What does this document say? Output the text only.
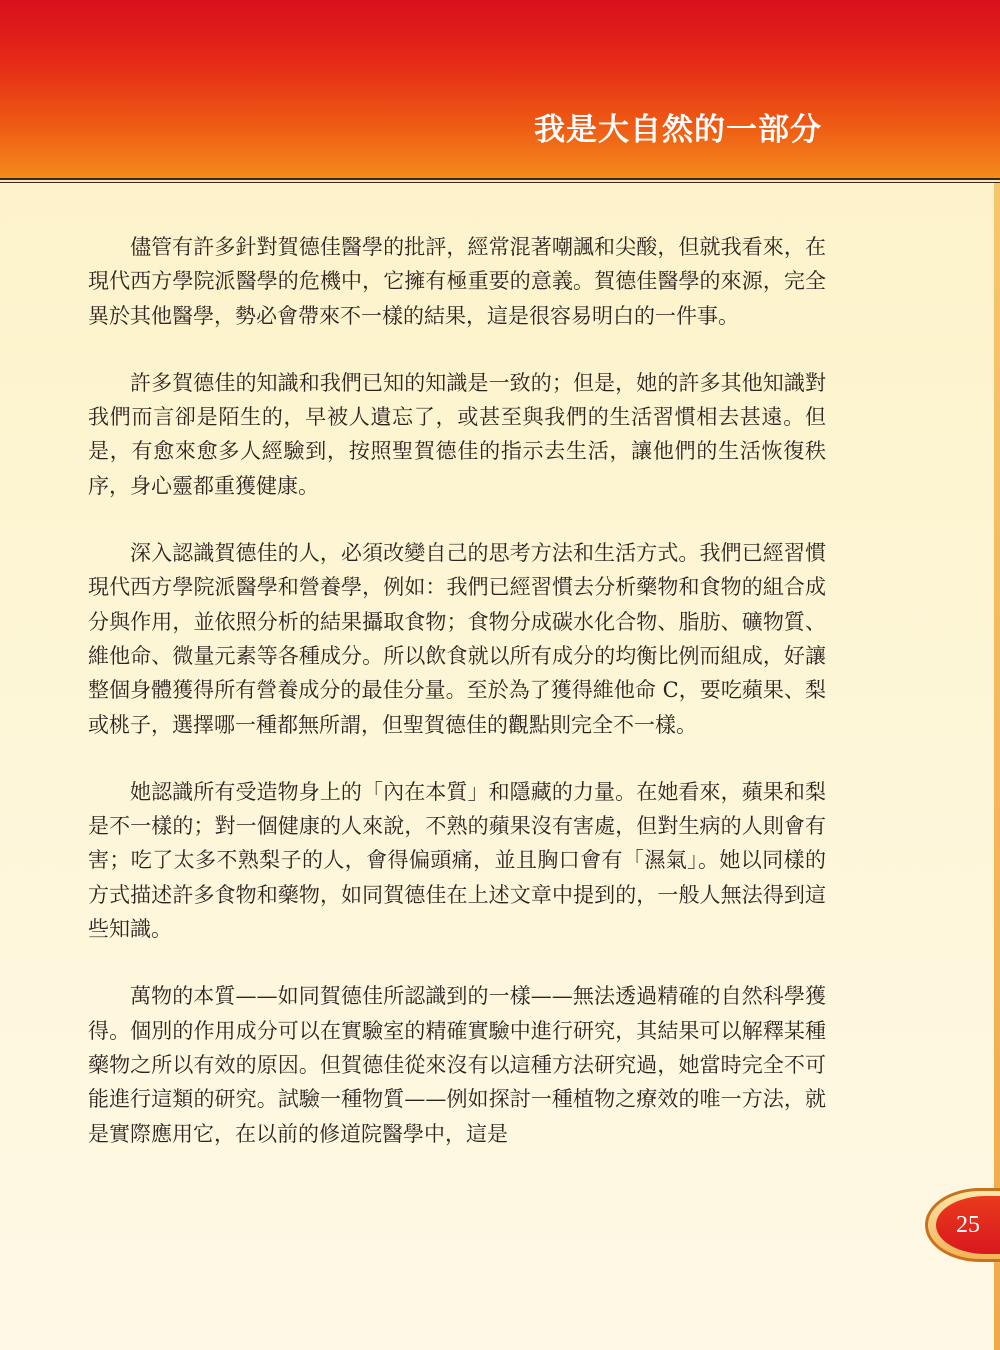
我是大自然的一部分

儘管有許多針對賀德佳醫學的批評，經常混著嘲諷和尖酸，但就我看來，在現代西方學院派醫學的危機中，它擁有極重要的意義。賀德佳醫學的來源，完全異於其他醫學，勢必會帶來不一樣的結果，這是很容易明白的一件事。

許多賀德佳的知識和我們已知的知識是一致的；但是，她的許多其他知識對我們而言卻是陌生的，早被人遺忘了，或甚至與我們的生活習慣相去甚遠。但是，有愈來愈多人經驗到，按照聖賀德佳的指示去生活，讓他們的生活恢復秩序，身心靈都重獲健康。

深入認識賀德佳的人，必須改變自己的思考方法和生活方式。我們已經習慣現代西方學院派醫學和營養學，例如：我們已經習慣去分析藥物和食物的組合成分與作用，並依照分析的結果攝取食物；食物分成碳水化合物、脂肪、礦物質、維他命、微量元素等各種成分。所以飲食就以所有成分的均衡比例而組成，好讓整個身體獲得所有營養成分的最佳分量。至於為了獲得維他命 C，要吃蘋果、梨或桃子，選擇哪一種都無所謂，但聖賀德佳的觀點則完全不一樣。

她認識所有受造物身上的「內在本質」和隱藏的力量。在她看來，蘋果和梨是不一樣的；對一個健康的人來說，不熟的蘋果沒有害處，但對生病的人則會有害；吃了太多不熟梨子的人，會得偏頭痛，並且胸口會有「濕氣」。她以同樣的方式描述許多食物和藥物，如同賀德佳在上述文章中提到的，一般人無法得到這些知識。

萬物的本質——如同賀德佳所認識到的一樣——無法透過精確的自然科學獲得。個別的作用成分可以在實驗室的精確實驗中進行研究，其結果可以解釋某種藥物之所以有效的原因。但賀德佳從來沒有以這種方法研究過，她當時完全不可能進行這類的研究。試驗一種物質——例如探討一種植物之療效的唯一方法，就是實際應用它，在以前的修道院醫學中，這是

25
